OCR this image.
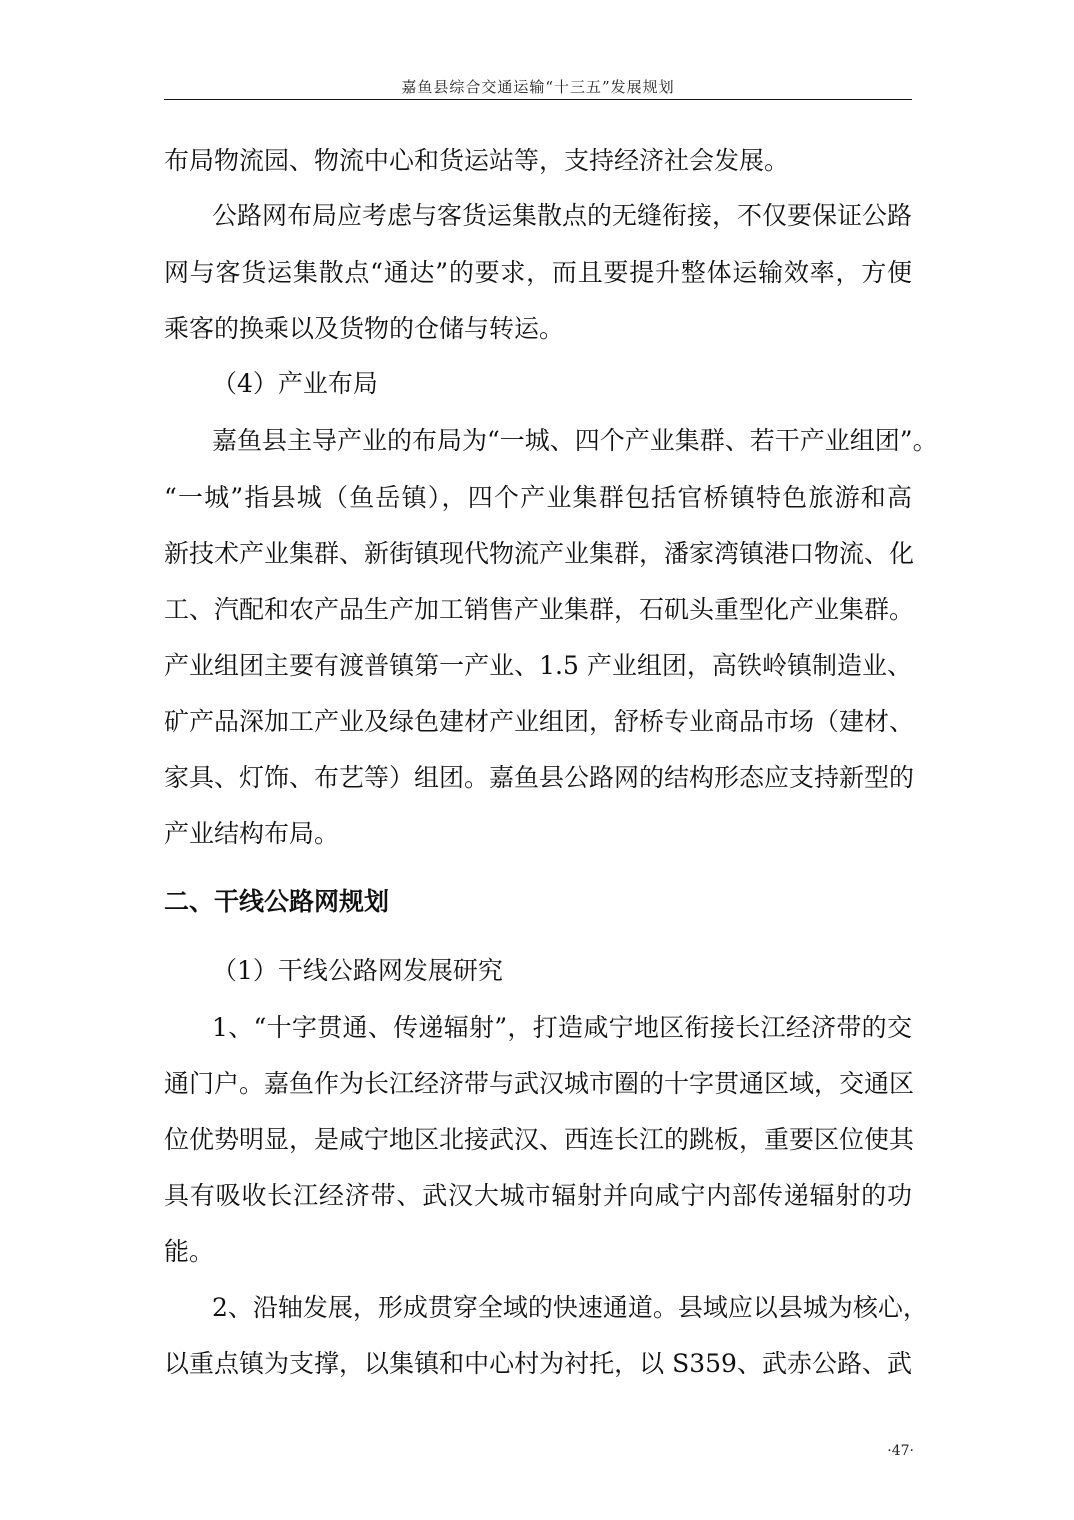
嘉鱼县综合交通运输“十三五”发展规划
布局物流园、物流中心和货运站等，支持经济社会发展。
公路网布局应考虑与客货运集散点的无缝衔接，不仅要保证公路
网与客货运集散点“通达”的要求，而且要提升整体运输效率，方便
乘客的换乘以及货物的仓储与转运。
（4）产业布局
嘉鱼县主导产业的布局为“一城、四个产业集群、若干产业组团”。
“一城”指县城（鱼岳镇），四个产业集群包括官桥镇特色旅游和高
新技术产业集群、新街镇现代物流产业集群，潘家湾镇港口物流、化
工、汽配和农产品生产加工销售产业集群，石矶头重型化产业集群。
产业组团主要有渡普镇第一产业、1.5 产业组团，高铁岭镇制造业、
矿产品深加工产业及绿色建材产业组团，舒桥专业商品市场（建材、
家具、灯饰、布艺等）组团。嘉鱼县公路网的结构形态应支持新型的
产业结构布局。
二、干线公路网规划
（1）干线公路网发展研究
1、“十字贯通、传递辐射”，打造咸宁地区衔接长江经济带的交
通门户。嘉鱼作为长江经济带与武汉城市圈的十字贯通区域，交通区
位优势明显，是咸宁地区北接武汉、西连长江的跳板，重要区位使其
具有吸收长江经济带、武汉大城市辐射并向咸宁内部传递辐射的功
能。
2、沿轴发展，形成贯穿全域的快速通道。县域应以县城为核心，
以重点镇为支撑，以集镇和中心村为衬托，以 S359、武赤公路、武
·47·
